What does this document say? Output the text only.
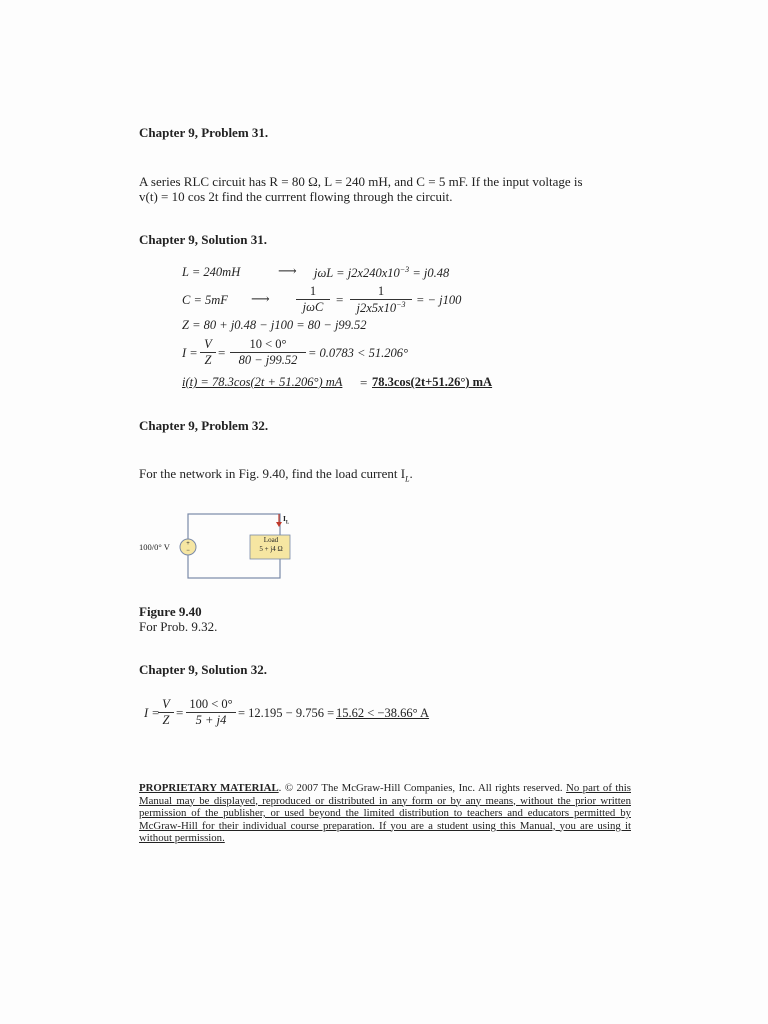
Chapter 9, Problem 31.
A series RLC circuit has R = 80 Ω, L = 240 mH, and C = 5 mF. If the input voltage is
v(t) = 10 cos 2t find the currrent flowing through the circuit.
Chapter 9, Solution 31.
L = 240mH	⟶ $j\omega L = j2x240x10^{-3} = j0.48$
C = 5mF ⟶	1
$j\omega C = \frac{1}{j2x5x10^{-3}}$ = − j100
Z = 80 + j0.48 − j100 = 80 − j99.52
$I = \frac{V}{Z} = \frac{10 < 0^\circ}{80 - j99.52} = 0.0783 < 51.206^\circ$
i(t) = 78.3cos(2t + 51.206°) mA = 78.3cos(2t+51.26°) mA
Chapter 9, Problem 32.
For the network in Fig. 9.40, find the load current $I_L$.
+
−
100/0° V
$I_L$
Load
5 + j4 Ω
Figure 9.40
For Prob. 9.32.
Chapter 9, Solution 32.
I =
$\frac{V}{Z} = \frac{100 < 0^\circ}{5 + j4} = 12.195 - 9.756 = 15.62 < -38.66^\circ$ A
PROPRIETARY MATERIAL. © 2007 The McGraw-Hill Companies, Inc. All rights reserved. No part of this Manual may be displayed, reproduced or distributed in any form or by any means, without the prior written permission of the publisher, or used beyond the limited distribution to teachers and educators permitted by McGraw-Hill for their individual course preparation. If you are a student using this Manual, you are using it without permission.
